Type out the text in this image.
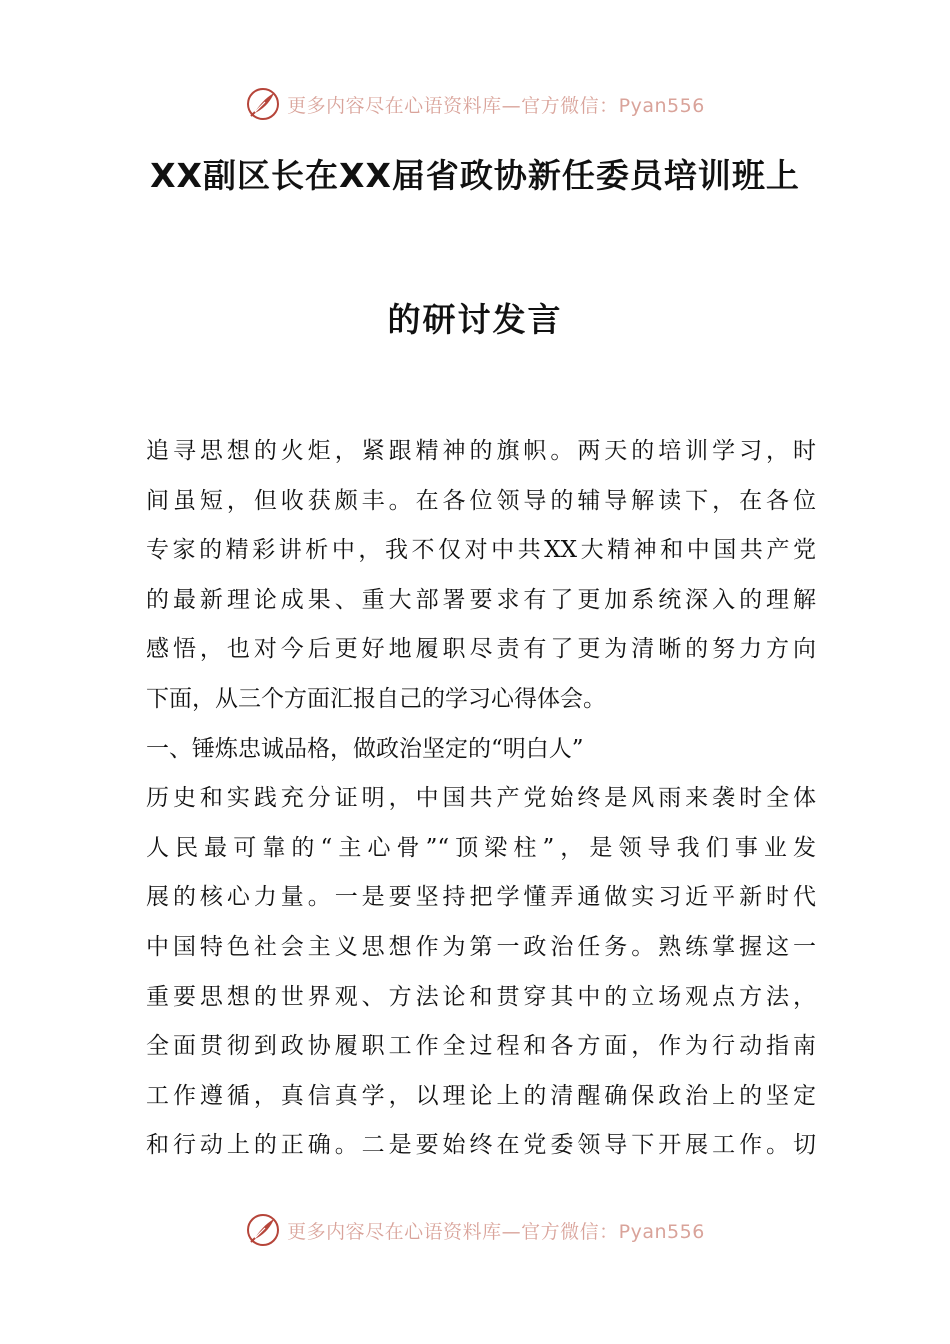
更多内容尽在心语资料库—官方微信：Pyan556
XX副区长在XX届省政协新任委员培训班上
的研讨发言
追寻思想的火炬，紧跟精神的旗帜。两天的培训学习，时
间虽短，但收获颇丰。在各位领导的辅导解读下，在各位
专家的精彩讲析中，我不仅对中共XX大精神和中国共产党
的最新理论成果、重大部署要求有了更加系统深入的理解
感悟，也对今后更好地履职尽责有了更为清晰的努力方向
下面，从三个方面汇报自己的学习心得体会。
一、锤炼忠诚品格，做政治坚定的“明白人”
历史和实践充分证明，中国共产党始终是风雨来袭时全体
人民最可靠的“主心骨”“顶梁柱”，是领导我们事业发
展的核心力量。一是要坚持把学懂弄通做实习近平新时代
中国特色社会主义思想作为第一政治任务。熟练掌握这一
重要思想的世界观、方法论和贯穿其中的立场观点方法，
全面贯彻到政协履职工作全过程和各方面，作为行动指南
工作遵循，真信真学，以理论上的清醒确保政治上的坚定
和行动上的正确。二是要始终在党委领导下开展工作。切
更多内容尽在心语资料库—官方微信：Pyan556
